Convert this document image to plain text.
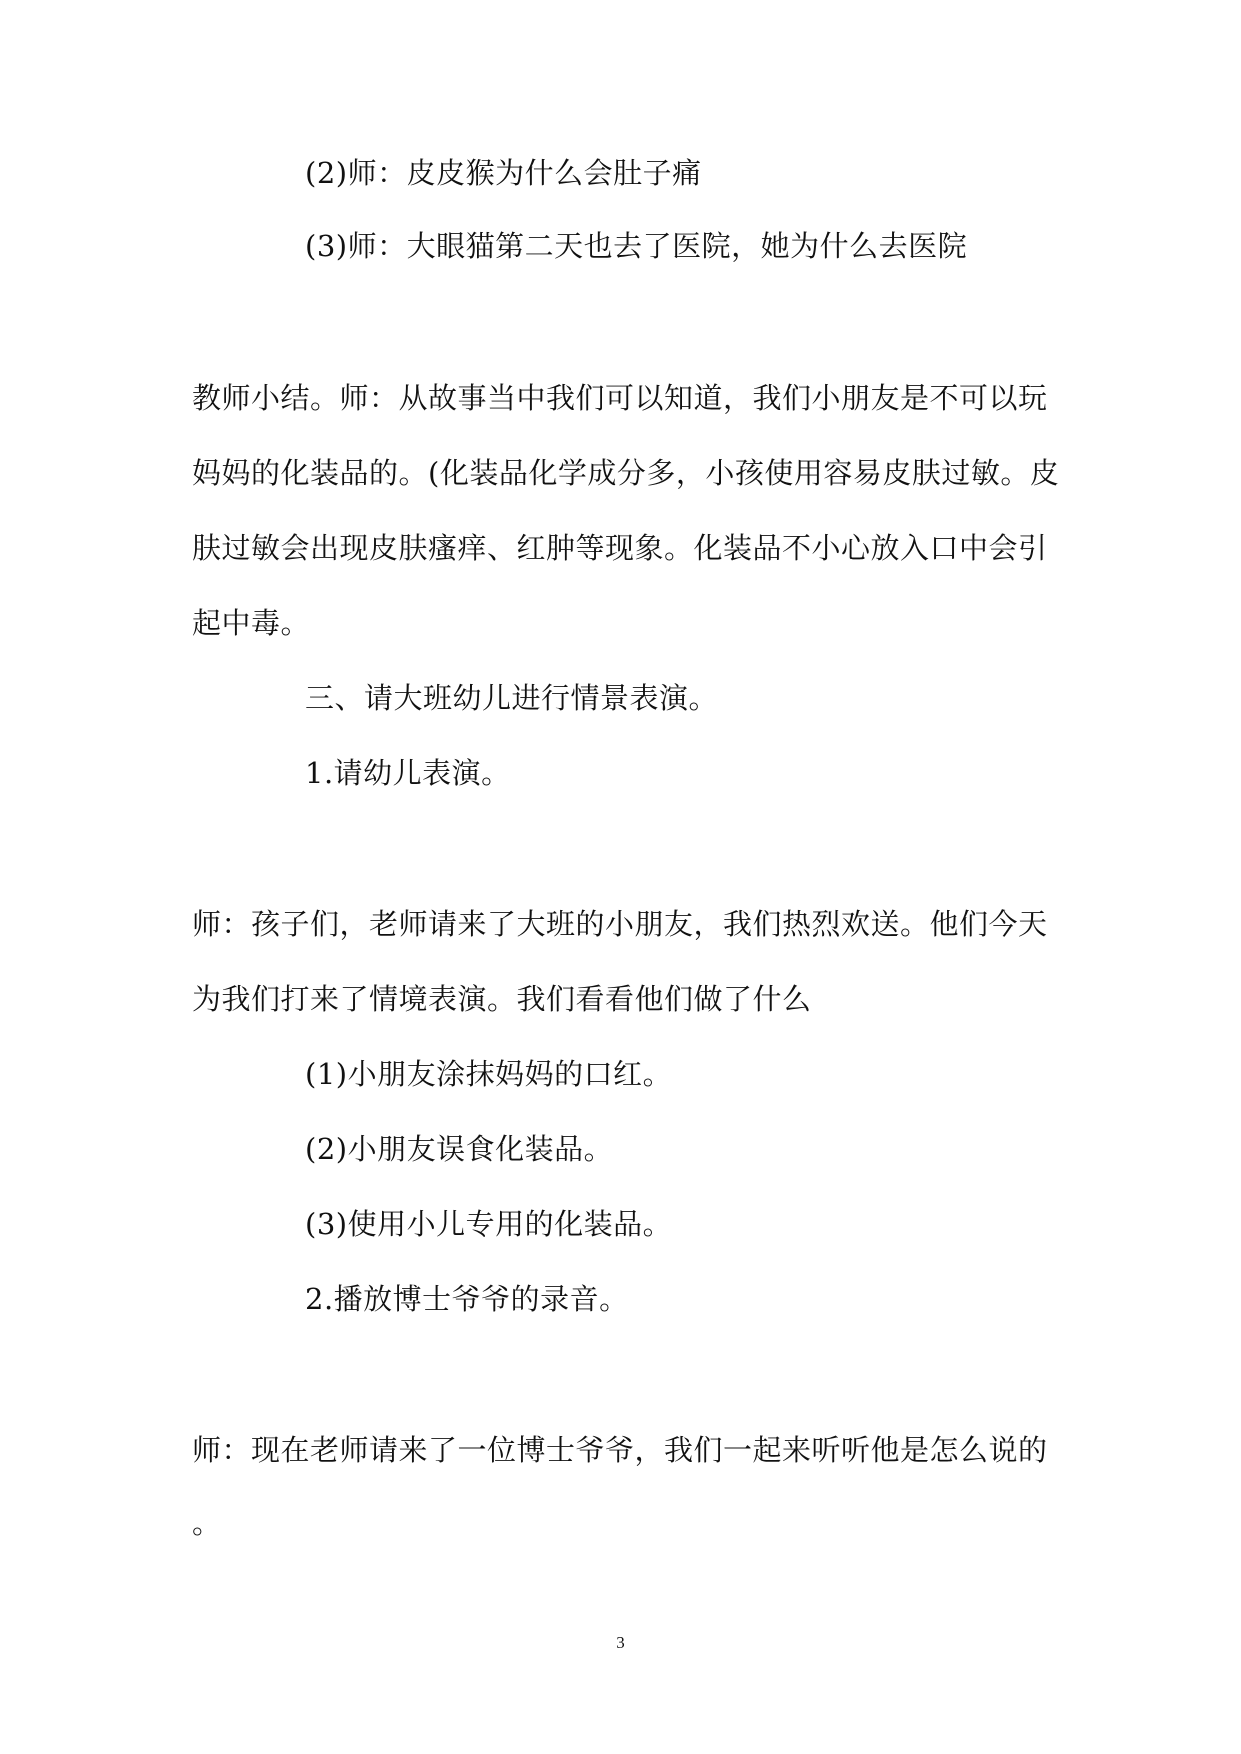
(2)师：皮皮猴为什么会肚子痛
(3)师：大眼猫第二天也去了医院，她为什么去医院
教师小结。师：从故事当中我们可以知道，我们小朋友是不可以玩
妈妈的化装品的。(化装品化学成分多，小孩使用容易皮肤过敏。皮
肤过敏会出现皮肤瘙痒、红肿等现象。化装品不小心放入口中会引
起中毒。
三、请大班幼儿进行情景表演。
1.请幼儿表演。
师：孩子们，老师请来了大班的小朋友，我们热烈欢送。他们今天
为我们打来了情境表演。我们看看他们做了什么
(1)小朋友涂抹妈妈的口红。
(2)小朋友误食化装品。
(3)使用小儿专用的化装品。
2.播放博士爷爷的录音。
师：现在老师请来了一位博士爷爷，我们一起来听听他是怎么说的
。
3
